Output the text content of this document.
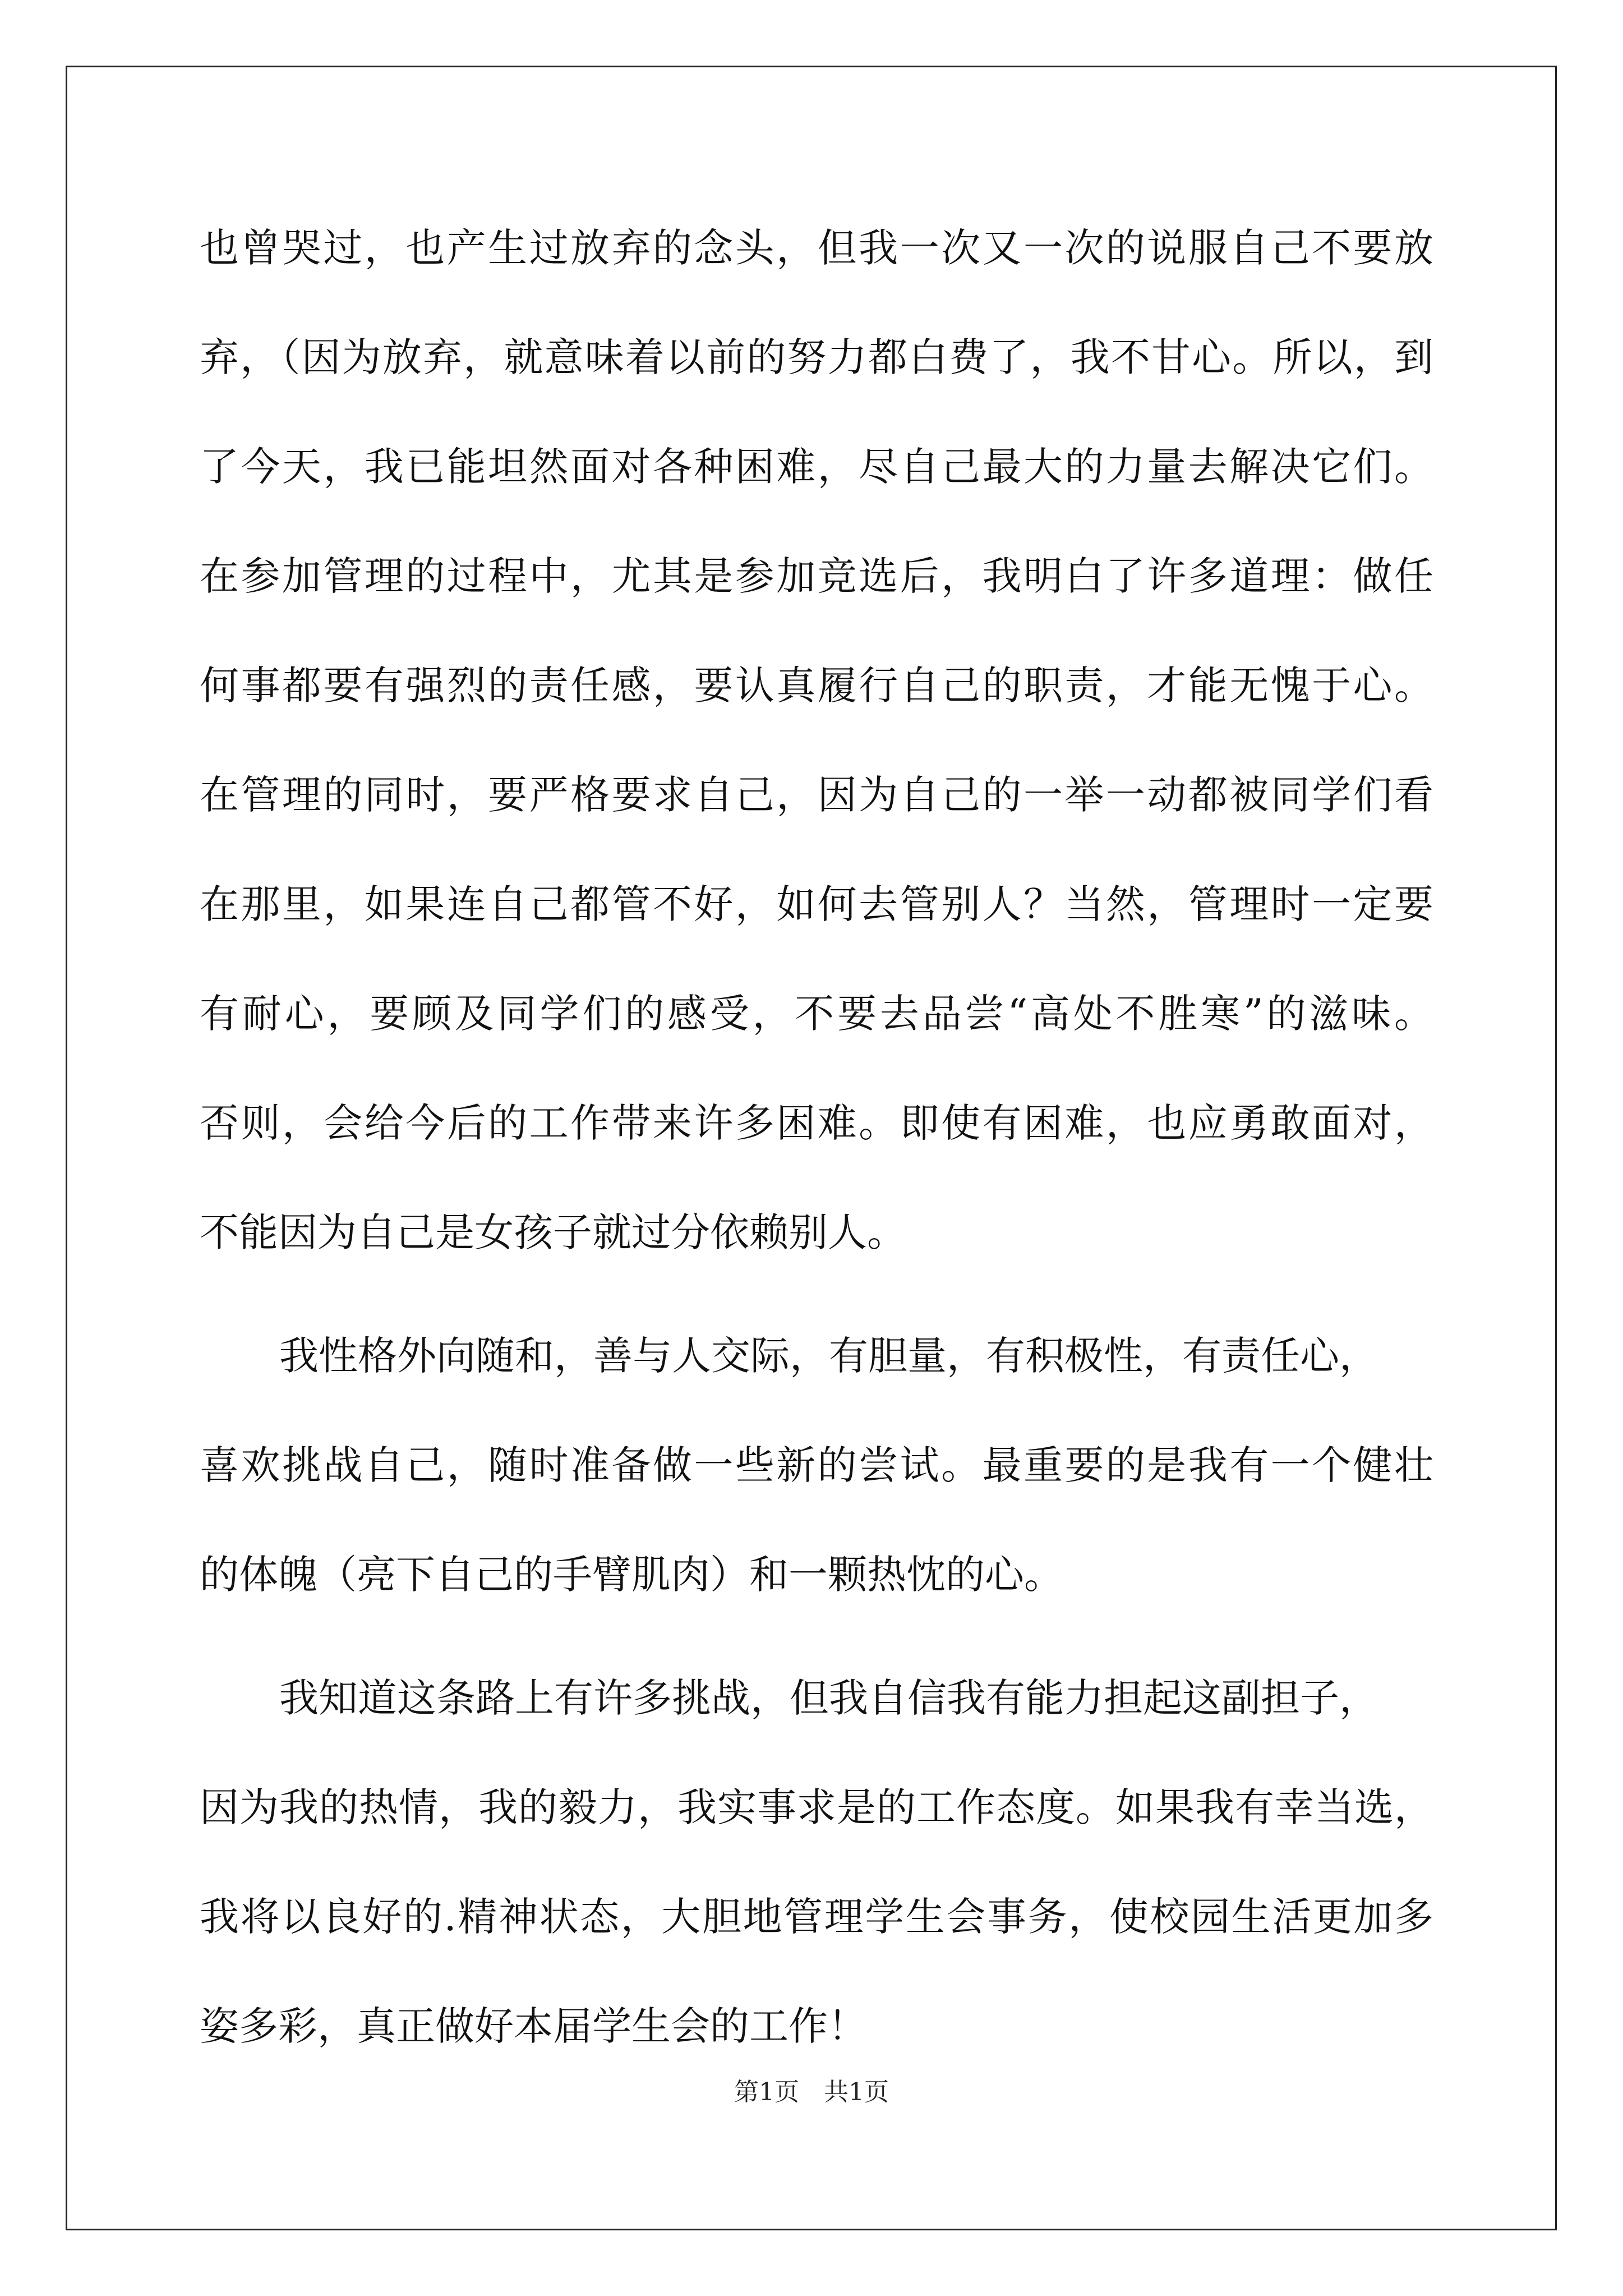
也曾哭过，也产生过放弃的念头，但我一次又一次的说服自己不要放
弃，（因为放弃，就意味着以前的努力都白费了，我不甘心。所以，到
了今天，我已能坦然面对各种困难，尽自己最大的力量去解决它们。
在参加管理的过程中，尤其是参加竞选后，我明白了许多道理：做任
何事都要有强烈的责任感，要认真履行自己的职责，才能无愧于心。
在管理的同时，要严格要求自己，因为自己的一举一动都被同学们看
在那里，如果连自己都管不好，如何去管别人？当然，管理时一定要
有耐心，要顾及同学们的感受，不要去品尝“高处不胜寒”的滋味。
否则，会给今后的工作带来许多困难。即使有困难，也应勇敢面对，
不能因为自己是女孩子就过分依赖别人。
我性格外向随和，善与人交际，有胆量，有积极性，有责任心，
喜欢挑战自己，随时准备做一些新的尝试。最重要的是我有一个健壮
的体魄（亮下自己的手臂肌肉）和一颗热忱的心。
我知道这条路上有许多挑战，但我自信我有能力担起这副担子，
因为我的热情，我的毅力，我实事求是的工作态度。如果我有幸当选，
我将以良好的.精神状态，大胆地管理学生会事务，使校园生活更加多
姿多彩，真正做好本届学生会的工作！
第1页　共1页
